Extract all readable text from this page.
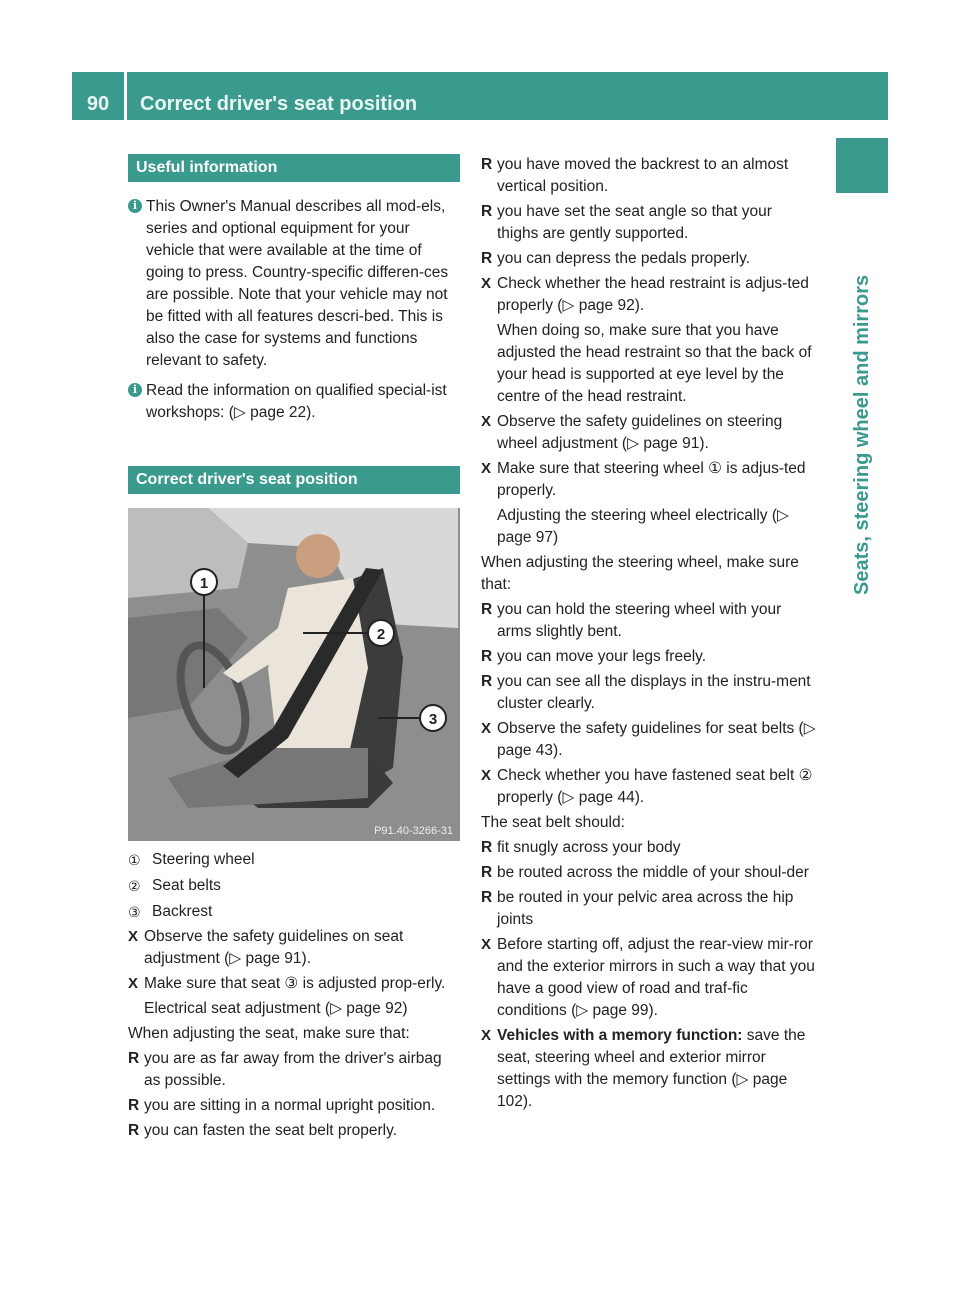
90	Correct driver's seat position
Seats, steering wheel and mirrors
Useful information
i This Owner's Manual describes all mod-els, series and optional equipment for your vehicle that were available at the time of going to press. Country-specific differen-ces are possible. Note that your vehicle may not be fitted with all features descri-bed. This is also the case for systems and functions relevant to safety.

i Read the information on qualified special-ist workshops: (▷ page 22).

Correct driver's seat position
1
2
3
P91.40-3266-31
① Steering wheel
② Seat belts
③ Backrest
X Observe the safety guidelines on seat adjustment (▷ page 91).

X Make sure that seat ③ is adjusted prop-erly.

Electrical seat adjustment (▷ page 92)

When adjusting the seat, make sure that:

R you are as far away from the driver's airbag as possible.

R you are sitting in a normal upright position.

R you can fasten the seat belt properly.

R you have moved the backrest to an almost vertical position.

R you have set the seat angle so that your thighs are gently supported.

R you can depress the pedals properly.

X Check whether the head restraint is adjus-ted properly (▷ page 92).

When doing so, make sure that you have adjusted the head restraint so that the back of your head is supported at eye level by the centre of the head restraint.

X Observe the safety guidelines on steering wheel adjustment (▷ page 91).

X Make sure that steering wheel ① is adjus-ted properly.

Adjusting the steering wheel electrically (▷ page 97)

When adjusting the steering wheel, make sure that:

R you can hold the steering wheel with your arms slightly bent.

R you can move your legs freely.

R you can see all the displays in the instru-ment cluster clearly.

X Observe the safety guidelines for seat belts (▷ page 43).

X Check whether you have fastened seat belt ② properly (▷ page 44).

The seat belt should:

R fit snugly across your body

R be routed across the middle of your shoul-der

R be routed in your pelvic area across the hip joints

X Before starting off, adjust the rear-view mir-ror and the exterior mirrors in such a way that you have a good view of road and traf-fic conditions (▷ page 99).

X Vehicles with a memory function: save the seat, steering wheel and exterior mirror settings with the memory function (▷ page 102).
